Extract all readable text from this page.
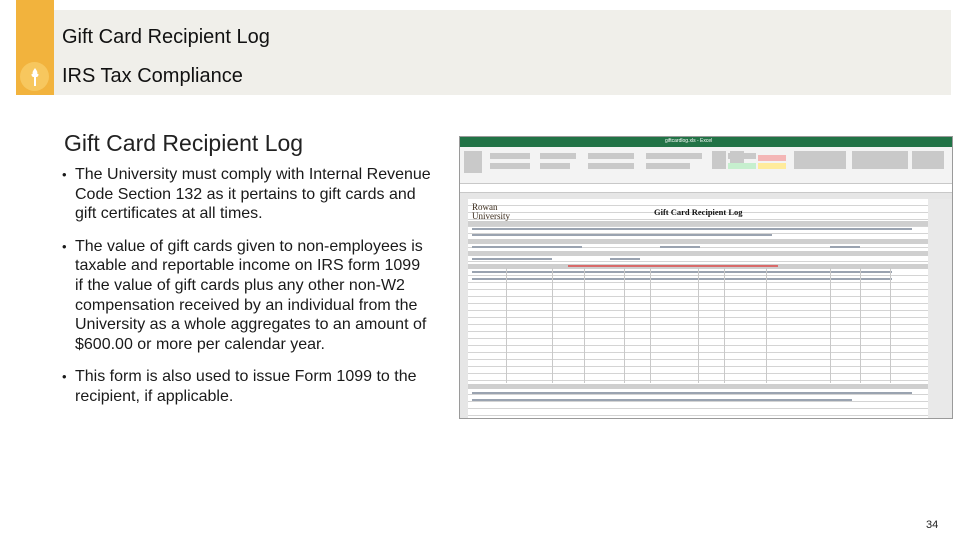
Gift Card Recipient Log
IRS Tax Compliance
Gift Card Recipient Log
• The University must comply with Internal Revenue Code Section 132 as it pertains to gift cards and gift certificates at all times.
• The value of gift cards given to non-employees is taxable and reportable income on IRS form 1099 if the value of gift cards plus any other non-W2 compensation received by an individual from the University as a whole aggregates to an amount of $600.00 or more per calendar year.
• This form is also used to issue Form 1099 to the recipient, if applicable.
giftcardlog.xls - Excel
Rowan University	Gift Card Recipient Log
34
